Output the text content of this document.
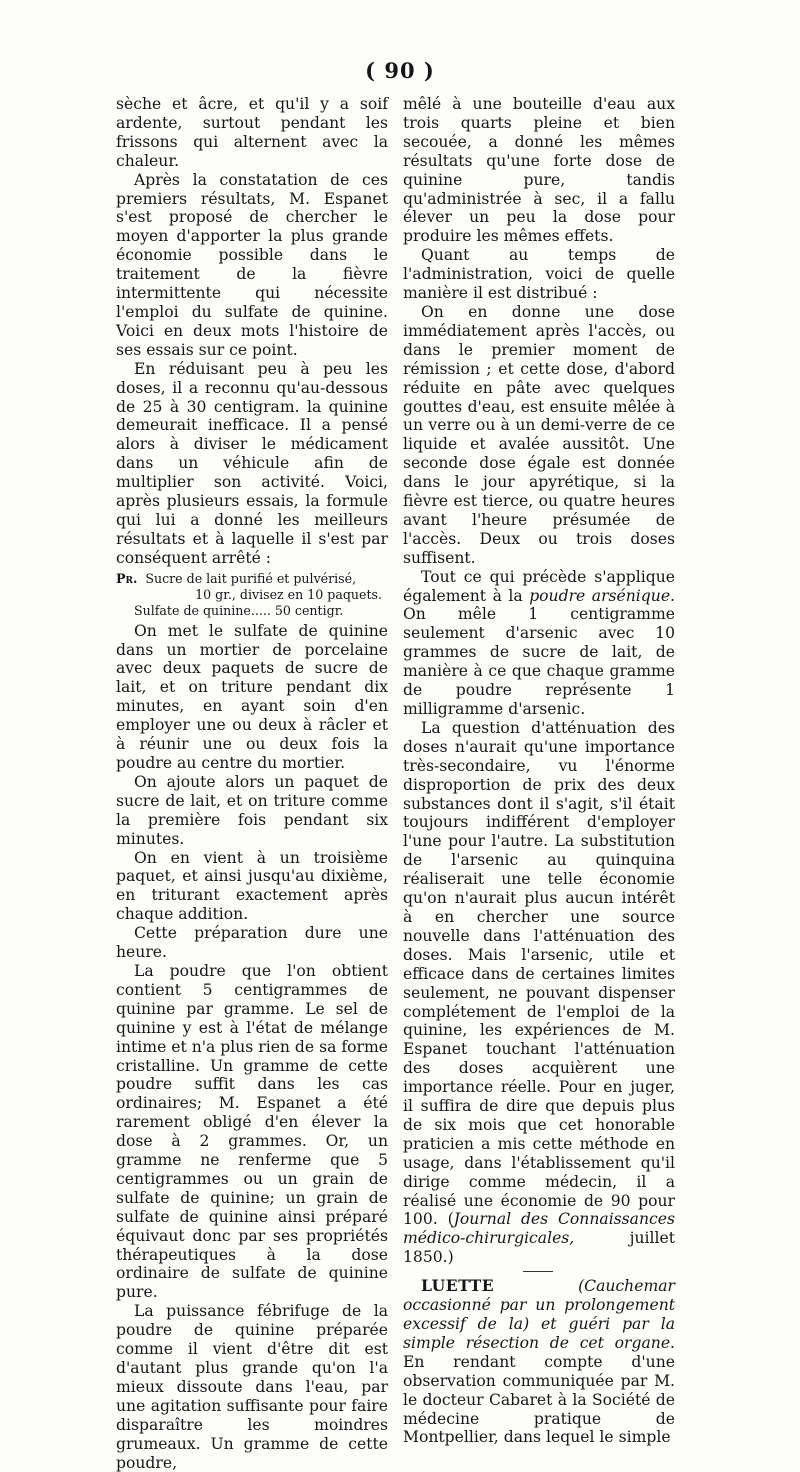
( 90 )

sèche et âcre, et qu'il y a soif ardente, surtout pendant les frissons qui alternent avec la chaleur.

Après la constatation de ces premiers résultats, M. Espanet s'est proposé de chercher le moyen d'apporter la plus grande économie possible dans le traitement de la fièvre intermittente qui nécessite l'emploi du sulfate de quinine. Voici en deux mots l'histoire de ses essais sur ce point.

En réduisant peu à peu les doses, il a reconnu qu'au-dessous de 25 à 30 centigram. la quinine demeurait inefficace. Il a pensé alors à diviser le médicament dans un véhicule afin de multiplier son activité. Voici, après plusieurs essais, la formule qui lui a donné les meilleurs résultats et à laquelle il s'est par conséquent arrêté :

Pr. Sucre de lait purifié et pulvérisé,
10 gr., divisez en 10 paquets.
Sulfate de quinine..... 50 centigr.

On met le sulfate de quinine dans un mortier de porcelaine avec deux paquets de sucre de lait, et on triture pendant dix minutes, en ayant soin d'en employer une ou deux à râcler et à réunir une ou deux fois la poudre au centre du mortier.

On ajoute alors un paquet de sucre de lait, et on triture comme la première fois pendant six minutes.

On en vient à un troisième paquet, et ainsi jusqu'au dixième, en triturant exactement après chaque addition.

Cette préparation dure une heure.

La poudre que l'on obtient contient 5 centigrammes de quinine par gramme. Le sel de quinine y est à l'état de mélange intime et n'a plus rien de sa forme cristalline. Un gramme de cette poudre suffit dans les cas ordinaires; M. Espanet a été rarement obligé d'en élever la dose à 2 grammes. Or, un gramme ne renferme que 5 centigrammes ou un grain de sulfate de quinine; un grain de sulfate de quinine ainsi préparé équivaut donc par ses propriétés thérapeutiques à la dose ordinaire de sulfate de quinine pure.

La puissance fébrifuge de la poudre de quinine préparée comme il vient d'être dit est d'autant plus grande qu'on l'a mieux dissoute dans l'eau, par une agitation suffisante pour faire disparaître les moindres grumeaux. Un gramme de cette poudre,

mêlé à une bouteille d'eau aux trois quarts pleine et bien secouée, a donné les mêmes résultats qu'une forte dose de quinine pure, tandis qu'administrée à sec, il a fallu élever un peu la dose pour produire les mêmes effets.

Quant au temps de l'administration, voici de quelle manière il est distribué :

On en donne une dose immédiatement après l'accès, ou dans le premier moment de rémission ; et cette dose, d'abord réduite en pâte avec quelques gouttes d'eau, est ensuite mêlée à un verre ou à un demi-verre de ce liquide et avalée aussitôt. Une seconde dose égale est donnée dans le jour apyrétique, si la fièvre est tierce, ou quatre heures avant l'heure présumée de l'accès. Deux ou trois doses suffisent.

Tout ce qui précède s'applique également à la poudre arsénique. On mêle 1 centigramme seulement d'arsenic avec 10 grammes de sucre de lait, de manière à ce que chaque gramme de poudre représente 1 milligramme d'arsenic.

La question d'atténuation des doses n'aurait qu'une importance très-secondaire, vu l'énorme disproportion de prix des deux substances dont il s'agit, s'il était toujours indifférent d'employer l'une pour l'autre. La substitution de l'arsenic au quinquina réaliserait une telle économie qu'on n'aurait plus aucun intérêt à en chercher une source nouvelle dans l'atténuation des doses. Mais l'arsenic, utile et efficace dans de certaines limites seulement, ne pouvant dispenser complétement de l'emploi de la quinine, les expériences de M. Espanet touchant l'atténuation des doses acquièrent une importance réelle. Pour en juger, il suffira de dire que depuis plus de six mois que cet honorable praticien a mis cette méthode en usage, dans l'établissement qu'il dirige comme médecin, il a réalisé une économie de 90 pour 100. (Journal des Connaissances médico-chirurgicales, juillet 1850.)

LUETTE	(Cauchemar occasionné par un prolongement excessif de la) et guéri par la simple résection de cet organe. En rendant compte d'une observation communiquée par M. le docteur Cabaret à la Société de médecine pratique de Montpellier, dans lequel le simple
